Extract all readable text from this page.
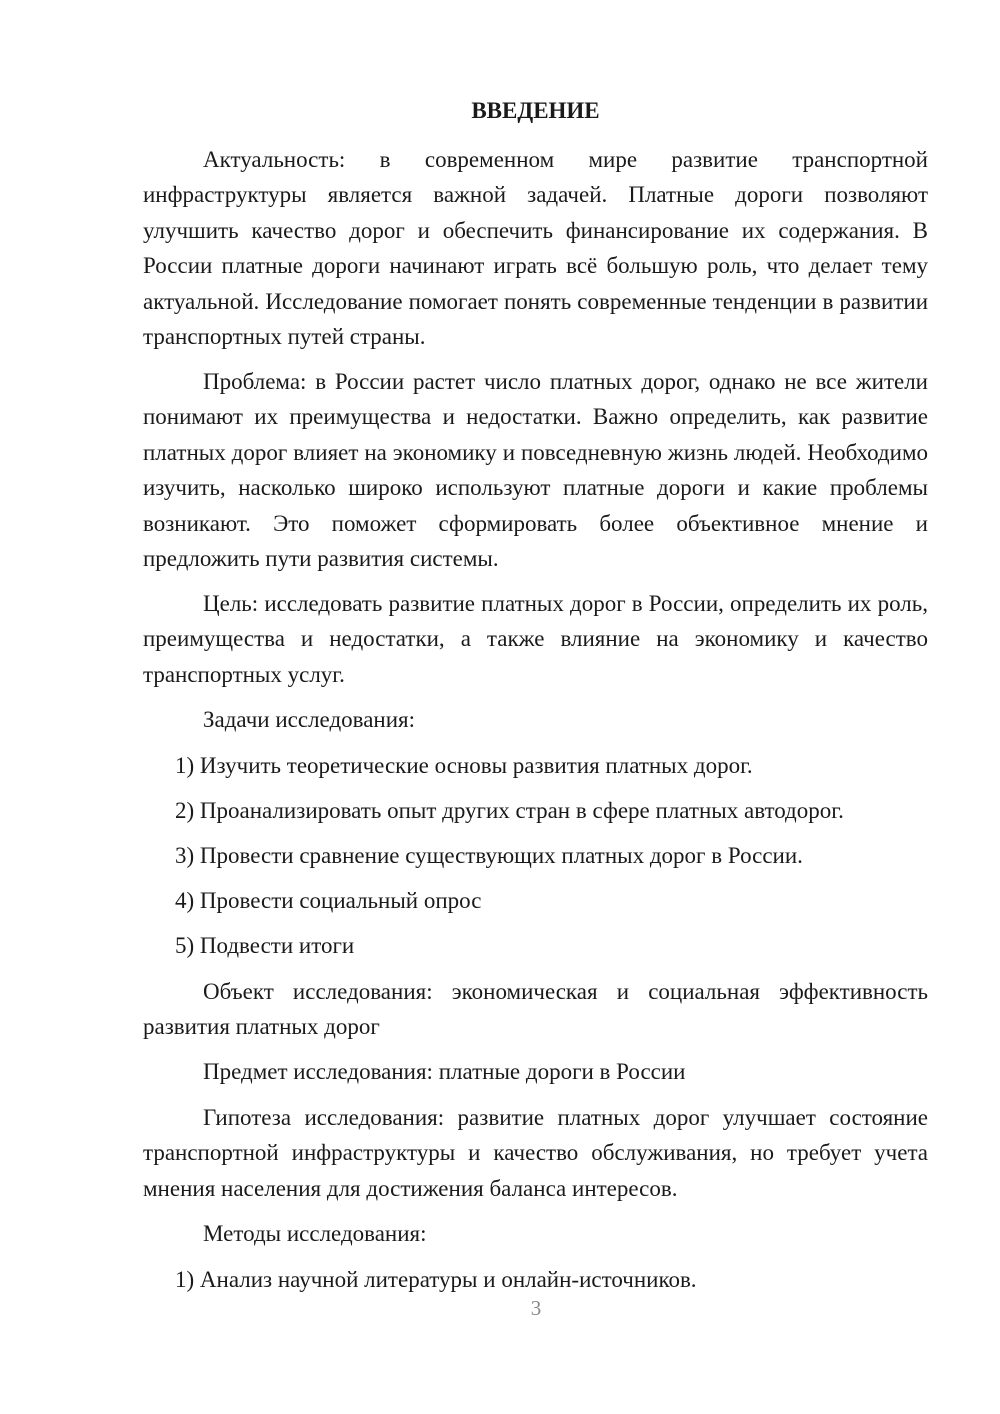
ВВЕДЕНИЕ

Актуальность: в современном мире развитие транспортной инфраструктуры является важной задачей. Платные дороги позволяют улучшить качество дорог и обеспечить финансирование их содержания. В России платные дороги начинают играть всё большую роль, что делает тему актуальной. Исследование помогает понять современные тенденции в развитии транспортных путей страны.

Проблема: в России растет число платных дорог, однако не все жители понимают их преимущества и недостатки. Важно определить, как развитие платных дорог влияет на экономику и повседневную жизнь людей. Необходимо изучить, насколько широко используют платные дороги и какие проблемы возникают. Это поможет сформировать более объективное мнение и предложить пути развития системы.

Цель: исследовать развитие платных дорог в России, определить их роль, преимущества и недостатки, а также влияние на экономику и качество транспортных услуг.

Задачи исследования:

1) Изучить теоретические основы развития платных дорог.

2) Проанализировать опыт других стран в сфере платных автодорог.

3) Провести сравнение существующих платных дорог в России.

4) Провести социальный опрос

5) Подвести итоги

Объект исследования: экономическая и социальная эффективность развития платных дорог

Предмет исследования: платные дороги в России

Гипотеза исследования: развитие платных дорог улучшает состояние транспортной инфраструктуры и качество обслуживания, но требует учета мнения населения для достижения баланса интересов.

Методы исследования:

1) Анализ научной литературы и онлайн-источников.

3
